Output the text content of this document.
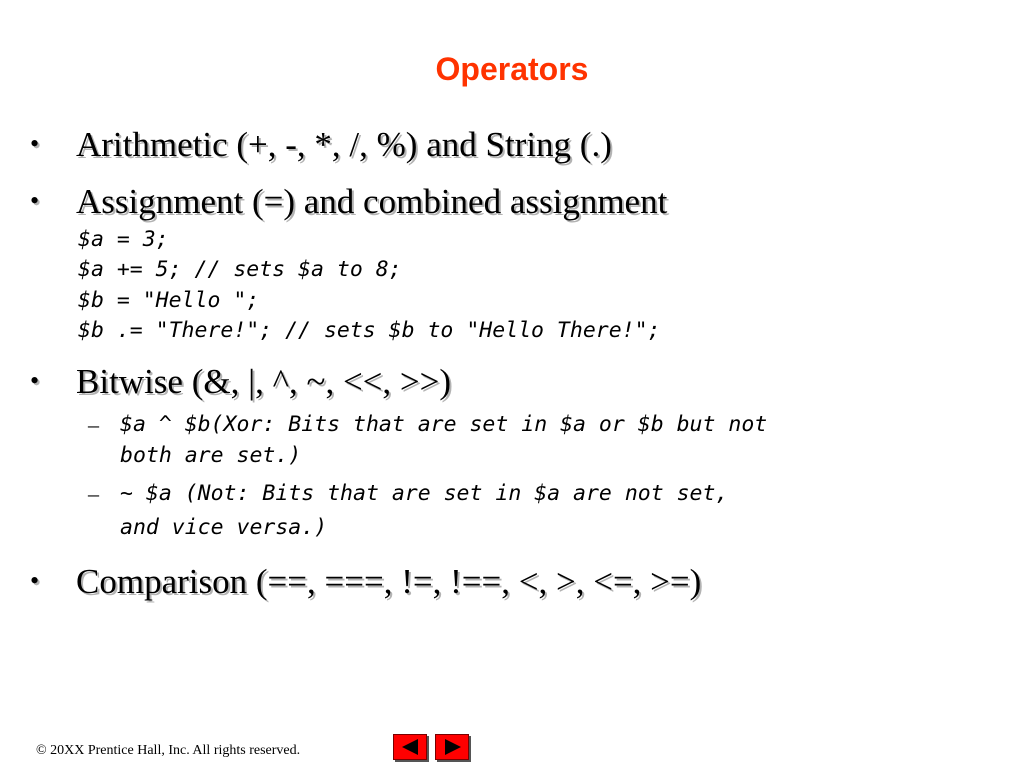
Operators
• Arithmetic (+, -, *, /, %) and String (.)
• Assignment (=) and combined assignment
$a = 3;
$a += 5; // sets $a to 8;
$b = "Hello ";
$b .= "There!"; // sets $b to "Hello There!";
• Bitwise (&, |, ^, ~, <<, >>)
– $a ^ $b(Xor: Bits that are set in $a or $b but not
both are set.)
– ~ $a (Not: Bits that are set in $a are not set,
and vice versa.)
• Comparison (==, ===, !=, !==, <, >, <=, >=)
© 20XX Prentice Hall, Inc. All rights reserved.
